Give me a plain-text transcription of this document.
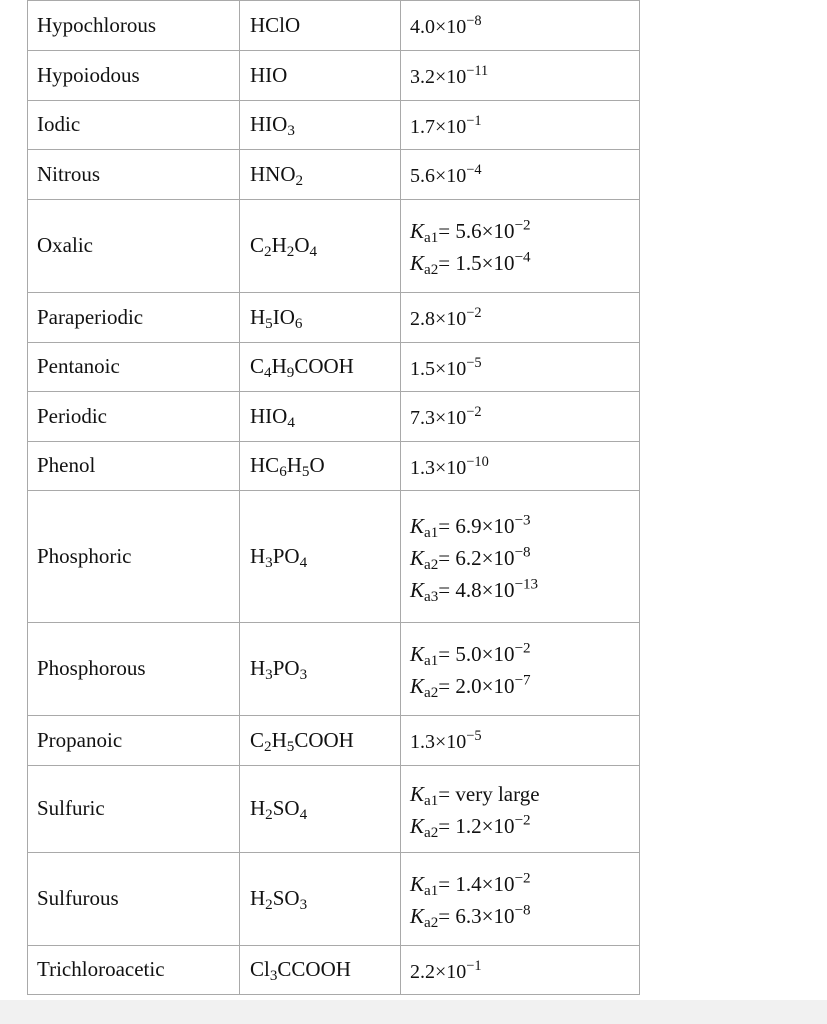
Hypochlorous	HClO	$4.0\times 10^{-8}$

Hypoiodous	HIO	$3.2\times 10^{-11}$

Iodic	$HIO_3$	$1.7\times 10^{-1}$

Nitrous	$HNO_2$	$5.6\times 10^{-4}$

Oxalic	$C_2H_2O_4$	$K_{a1}= 5.6\times 10^{-2}$
$K_{a2}= 1.5\times 10^{-4}$

Paraperiodic	$H_5IO_6$	$2.8\times 10^{-2}$

Pentanoic	$C_4H_9COOH$	$1.5\times 10^{-5}$

Periodic	$HIO_4$	$7.3\times 10^{-2}$

Phenol	$HC_6H_5O$	$1.3\times 10^{-10}$

Phosphoric	$H_3PO_4$	$K_{a1}= 6.9\times 10^{-3}$
$K_{a2}= 6.2\times 10^{-8}$
$K_{a3}= 4.8\times 10^{-13}$

Phosphorous	$H_3PO_3$	$K_{a1}= 5.0\times 10^{-2}$
$K_{a2}= 2.0\times 10^{-7}$

Propanoic	$C_2H_5COOH$	$1.3\times 10^{-5}$

Sulfuric	$H_2SO_4$	$K_{a1}=$ very large
$K_{a2}= 1.2\times 10^{-2}$

Sulfurous	$H_2SO_3$	$K_{a1}= 1.4\times 10^{-2}$
$K_{a2}= 6.3\times 10^{-8}$

Trichloroacetic	$Cl_3CCOOH$	$2.2\times 10^{-1}$
